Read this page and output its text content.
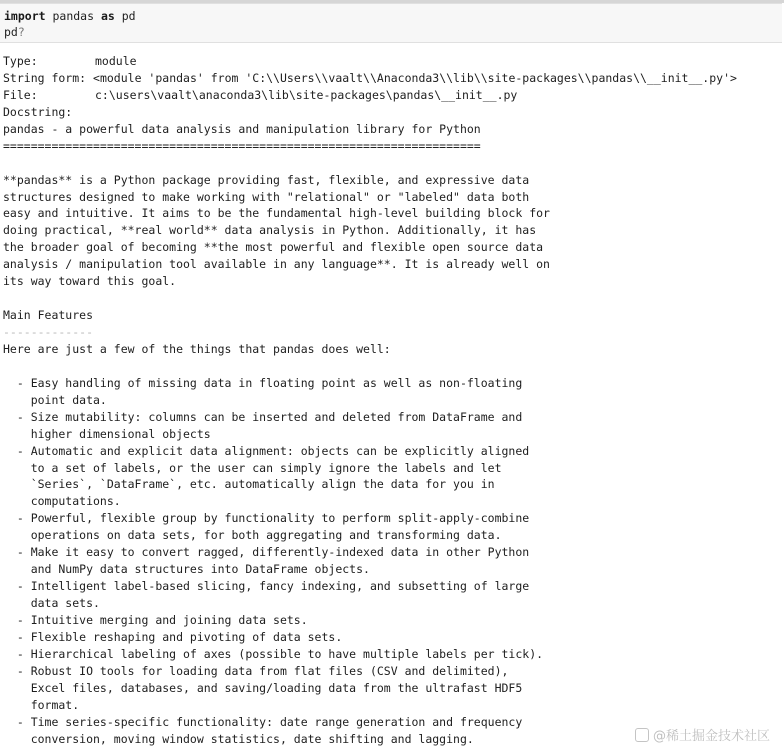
import pandas as pd
pd?
Type:	module
String form: <module 'pandas' from 'C:\\Users\\vaalt\\Anaconda3\\lib\\site-packages\\pandas\\__init__.py'>
File:	c:\users\vaalt\anaconda3\lib\site-packages\pandas\__init__.py
Docstring:
pandas - a powerful data analysis and manipulation library for Python
=====================================================================
**pandas** is a Python package providing fast, flexible, and expressive data
structures designed to make working with "relational" or "labeled" data both
easy and intuitive. It aims to be the fundamental high-level building block for
doing practical, **real world** data analysis in Python. Additionally, it has
the broader goal of becoming **the most powerful and flexible open source data
analysis / manipulation tool available in any language**. It is already well on
its way toward this goal.
Main Features
-------------
Here are just a few of the things that pandas does well:
- Easy handling of missing data in floating point as well as non-floating
point data.
- Size mutability: columns can be inserted and deleted from DataFrame and
higher dimensional objects
- Automatic and explicit data alignment: objects can be explicitly aligned
to a set of labels, or the user can simply ignore the labels and let
`Series`, `DataFrame`, etc. automatically align the data for you in
computations.
- Powerful, flexible group by functionality to perform split-apply-combine
operations on data sets, for both aggregating and transforming data.
- Make it easy to convert ragged, differently-indexed data in other Python
and NumPy data structures into DataFrame objects.
- Intelligent label-based slicing, fancy indexing, and subsetting of large
data sets.
- Intuitive merging and joining data sets.
- Flexible reshaping and pivoting of data sets.
- Hierarchical labeling of axes (possible to have multiple labels per tick).
- Robust IO tools for loading data from flat files (CSV and delimited),
Excel files, databases, and saving/loading data from the ultrafast HDF5
format.
- Time series-specific functionality: date range generation and frequency
conversion, moving window statistics, date shifting and lagging.	@稀土掘金技术社区
